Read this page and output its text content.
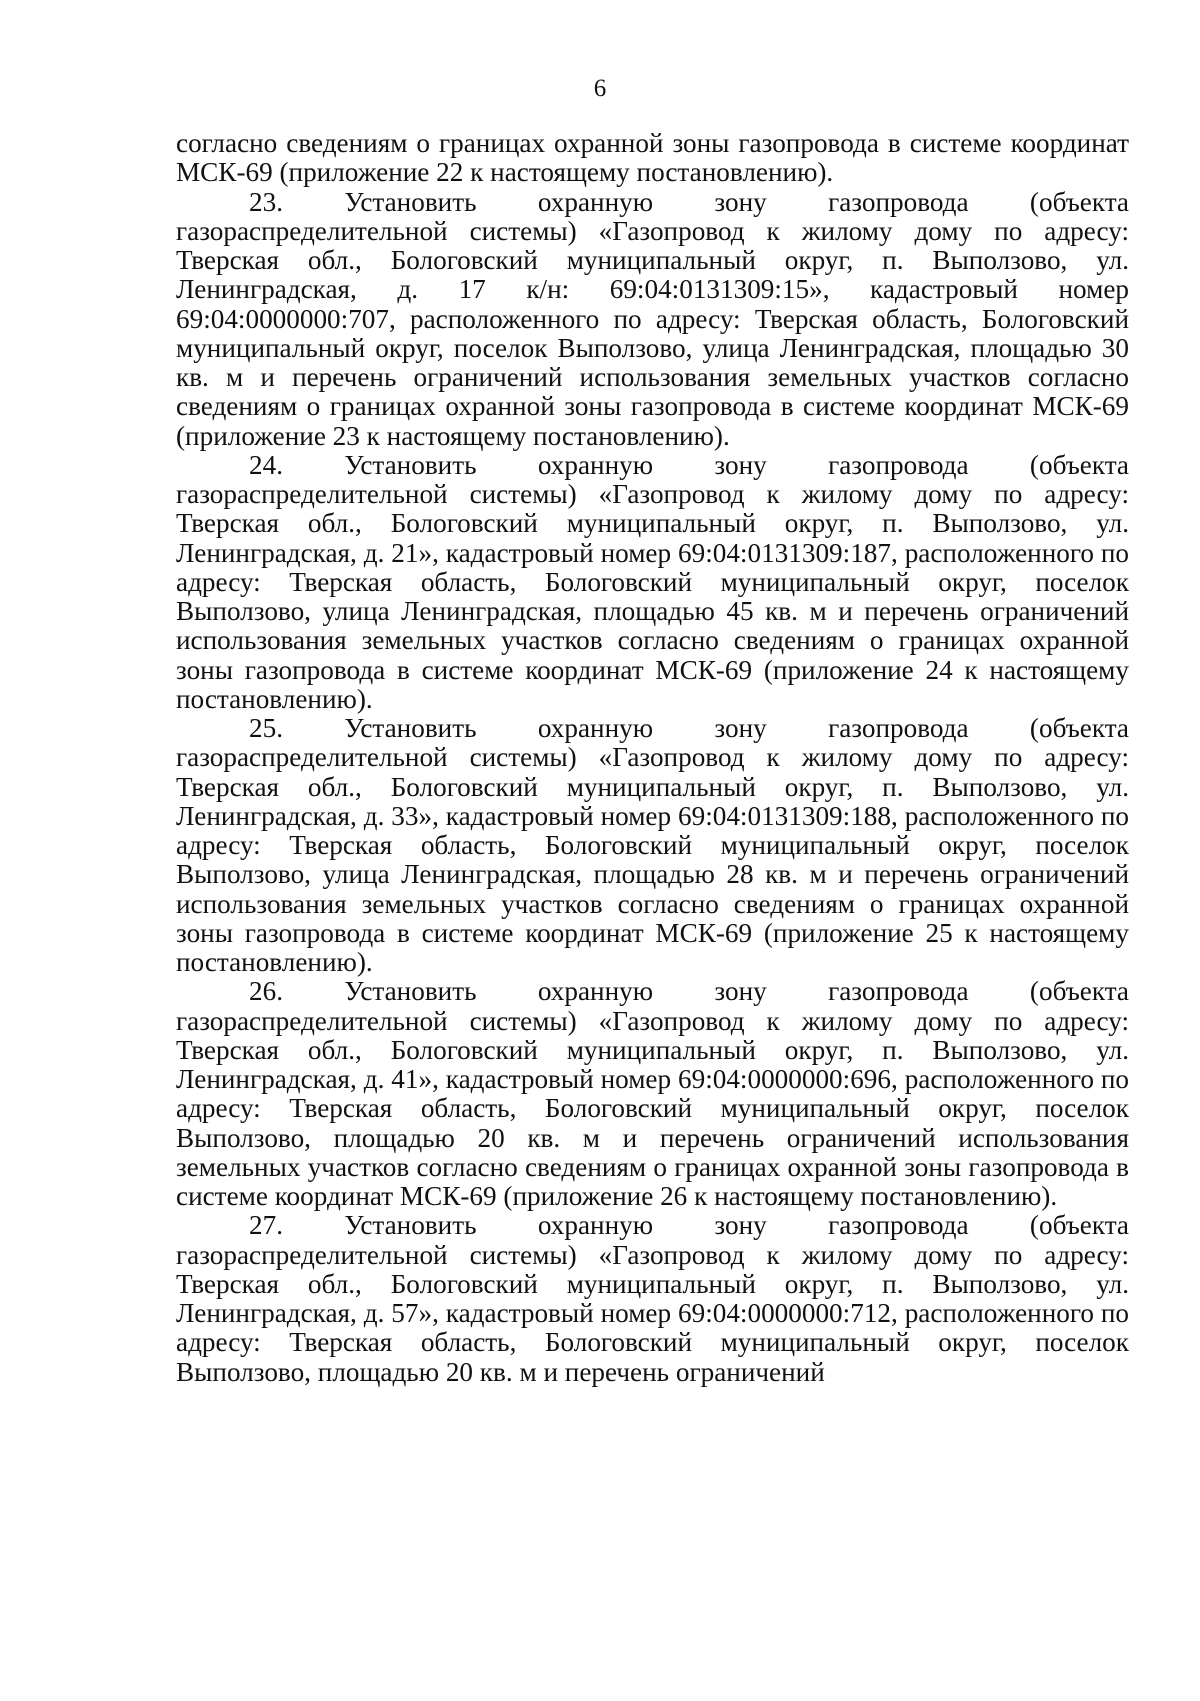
6

согласно сведениям о границах охранной зоны газопровода в системе координат МСК-69 (приложение 22 к настоящему постановлению).

23. Установить охранную зону газопровода (объекта газораспределительной системы) «Газопровод к жилому дому по адресу: Тверская обл., Бологовский муниципальный округ, п. Выползово, ул. Ленинградская, д. 17 к/н: 69:04:0131309:15», кадастровый номер 69:04:0000000:707, расположенного по адресу: Тверская область, Бологовский муниципальный округ, поселок Выползово, улица Ленинградская, площадью 30 кв. м и перечень ограничений использования земельных участков согласно сведениям о границах охранной зоны газопровода в системе координат МСК-69 (приложение 23 к настоящему постановлению).

24. Установить охранную зону газопровода (объекта газораспределительной системы) «Газопровод к жилому дому по адресу: Тверская обл., Бологовский муниципальный округ, п. Выползово, ул. Ленинградская, д. 21», кадастровый номер 69:04:0131309:187, расположенного по адресу: Тверская область, Бологовский муниципальный округ, поселок Выползово, улица Ленинградская, площадью 45 кв. м и перечень ограничений использования земельных участков согласно сведениям о границах охранной зоны газопровода в системе координат МСК-69 (приложение 24 к настоящему постановлению).

25. Установить охранную зону газопровода (объекта газораспределительной системы) «Газопровод к жилому дому по адресу: Тверская обл., Бологовский муниципальный округ, п. Выползово, ул. Ленинградская, д. 33», кадастровый номер 69:04:0131309:188, расположенного по адресу: Тверская область, Бологовский муниципальный округ, поселок Выползово, улица Ленинградская, площадью 28 кв. м и перечень ограничений использования земельных участков согласно сведениям о границах охранной зоны газопровода в системе координат МСК-69 (приложение 25 к настоящему постановлению).

26. Установить охранную зону газопровода (объекта газораспределительной системы) «Газопровод к жилому дому по адресу: Тверская обл., Бологовский муниципальный округ, п. Выползово, ул. Ленинградская, д. 41», кадастровый номер 69:04:0000000:696, расположенного по адресу: Тверская область, Бологовский муниципальный округ, поселок Выползово, площадью 20 кв. м и перечень ограничений использования земельных участков согласно сведениям о границах охранной зоны газопровода в системе координат МСК-69 (приложение 26 к настоящему постановлению).

27. Установить охранную зону газопровода (объекта газораспределительной системы) «Газопровод к жилому дому по адресу: Тверская обл., Бологовский муниципальный округ, п. Выползово, ул. Ленинградская, д. 57», кадастровый номер 69:04:0000000:712, расположенного по адресу: Тверская область, Бологовский муниципальный округ, поселок Выползово, площадью 20 кв. м и перечень ограничений
